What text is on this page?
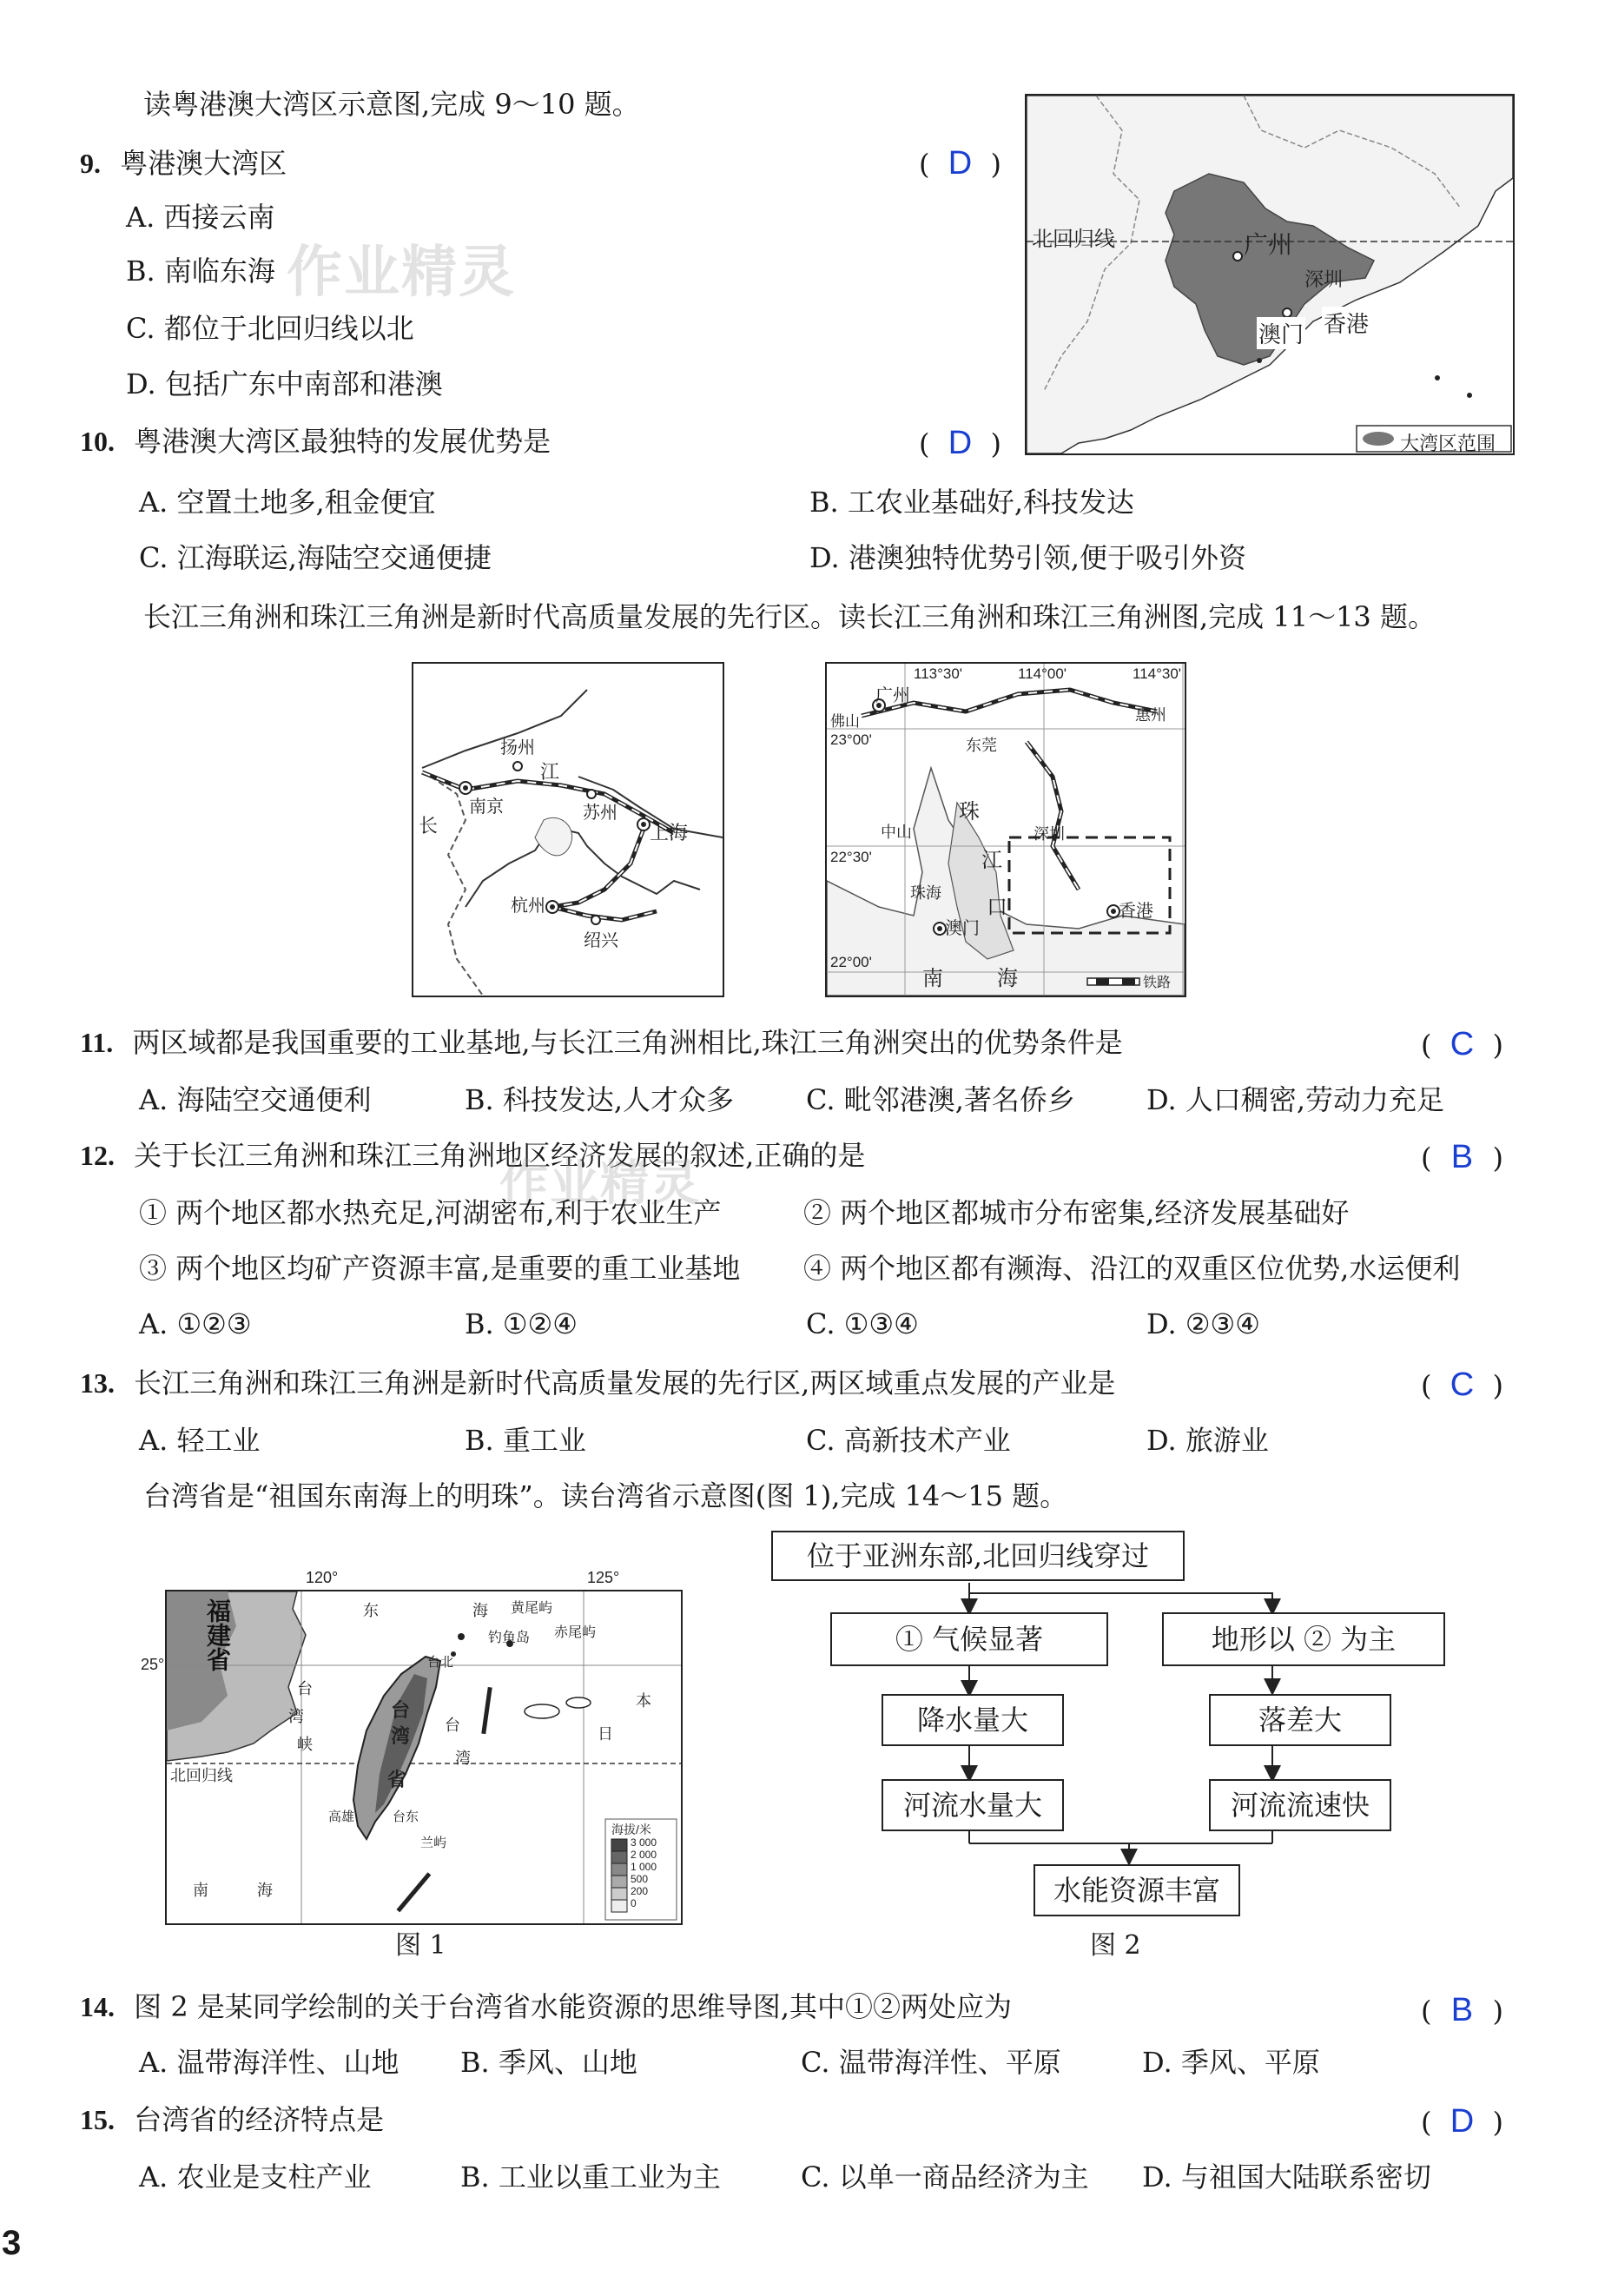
读粤港澳大湾区示意图,完成 9～10 题。
9. 粤港澳大湾区	( D )
A. 西接云南
B. 南临东海
C. 都位于北回归线以北
D. 包括广东中南部和港澳
作业精灵
北回归线	广州
深圳
澳门 香港
大湾区范围
10. 粤港澳大湾区最独特的发展优势是	( D )
A. 空置土地多,租金便宜	B. 工农业基础好,科技发达
C. 江海联运,海陆空交通便捷	D. 港澳独特优势引领,便于吸引外资
长江三角洲和珠江三角洲是新时代高质量发展的先行区。读长江三角洲和珠江三角洲图,完成 11～13 题。
扬州
南京	苏州
上海
杭州
绍兴
江
长
113°30'	114°00'	114°30'
23°00'
22°30'
22°00'
广州
佛山
东莞
惠州
中山	深圳
珠海
香港
澳门
珠
江
口
南	海	铁路
11. 两区域都是我国重要的工业基地,与长江三角洲相比,珠江三角洲突出的优势条件是	( C )
A. 海陆空交通便利	B. 科技发达,人才众多	C. 毗邻港澳,著名侨乡	D. 人口稠密,劳动力充足
12. 关于长江三角洲和珠江三角洲地区经济发展的叙述,正确的是	( B )
作业精灵
① 两个地区都水热充足,河湖密布,利于农业生产	② 两个地区都城市分布密集,经济发展基础好
③ 两个地区均矿产资源丰富,是重要的重工业基地 ④ 两个地区都有濒海、沿江的双重区位优势,水运便利
A. ①②③	B. ①②④	C. ①③④	D. ②③④
13. 长江三角洲和珠江三角洲是新时代高质量发展的先行区,两区域重点发展的产业是	( C )
A. 轻工业	B. 重工业	C. 高新技术产业	D. 旅游业
台湾省是“祖国东南海上的明珠”。读台湾省示意图(图 1),完成 14～15 题。
120°	125°
25°
北回归线
福建省	东	海 黄尾屿
钓鱼岛 赤尾屿
日
本
台
湾
峡
台
湾
省
台北
高雄	台东
兰屿
台
湾
南	海
海拔/米
3 000
2 000
1 000
500
200
0
图 1
位于亚洲东部,北回归线穿过
① 气候显著	地形以 ② 为主
降水量大	落差大
河流水量大	河流流速快
水能资源丰富
图 2
14. 图 2 是某同学绘制的关于台湾省水能资源的思维导图,其中①②两处应为	( B )
A. 温带海洋性、山地 B. 季风、山地	C. 温带海洋性、平原	D. 季风、平原
15. 台湾省的经济特点是	( D )
A. 农业是支柱产业	B. 工业以重工业为主	C. 以单一商品经济为主 D. 与祖国大陆联系密切
3
